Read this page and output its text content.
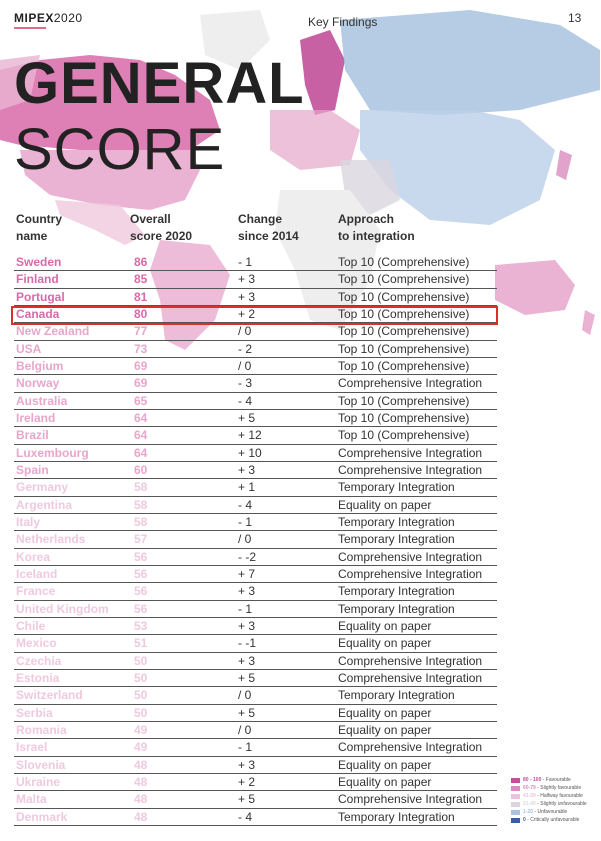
MIPEX2020	Key Findings	13
GENERAL
SCORE
Country
name
Overall
score 2020
Change
since 2014
Approach
to integration
Sweden	86	- 1	Top 10 (Comprehensive)
Finland	85	+ 3	Top 10 (Comprehensive)
Portugal	81	+ 3	Top 10 (Comprehensive)
Canada	80	+ 2	Top 10 (Comprehensive)
New Zealand	77	/ 0	Top 10 (Comprehensive)
USA	73	- 2	Top 10 (Comprehensive)
Belgium	69	/ 0	Top 10 (Comprehensive)
Norway	69	- 3	Comprehensive Integration
Australia	65	- 4	Top 10 (Comprehensive)
Ireland	64	+ 5	Top 10 (Comprehensive)
Brazil	64	+ 12	Top 10 (Comprehensive)
Luxembourg	64	+ 10	Comprehensive Integration
Spain	60	+ 3	Comprehensive Integration
Germany	58	+ 1	Temporary Integration
Argentina	58	- 4	Equality on paper
Italy	58	- 1	Temporary Integration
Netherlands	57	/ 0	Temporary Integration
Korea	56	- -2	Comprehensive Integration
Iceland	56	+ 7	Comprehensive Integration
France	56	+ 3	Temporary Integration
United Kingdom 56	- 1	Temporary Integration
Chile	53	+ 3	Equality on paper
Mexico	51	- -1	Equality on paper
Czechia	50	+ 3	Comprehensive Integration
Estonia	50	+ 5	Comprehensive Integration
Switzerland	50	/ 0	Temporary Integration
Serbia	50	+ 5	Equality on paper
Romania	49	/ 0	Equality on paper
Israel	49	- 1	Comprehensive Integration
Slovenia	48	+ 3	Equality on paper
Ukraine	48	+ 2	Equality on paper
Malta	48	+ 5	Comprehensive Integration
Denmark	48	- 4	Temporary Integration
80 - 100 - Favourable
60-79 - Slightly favourable
41-59 - Halfway favourable
21-40 - Slightly unfavourable
1-20 - Unfavourable
0 - Critically unfavourable
